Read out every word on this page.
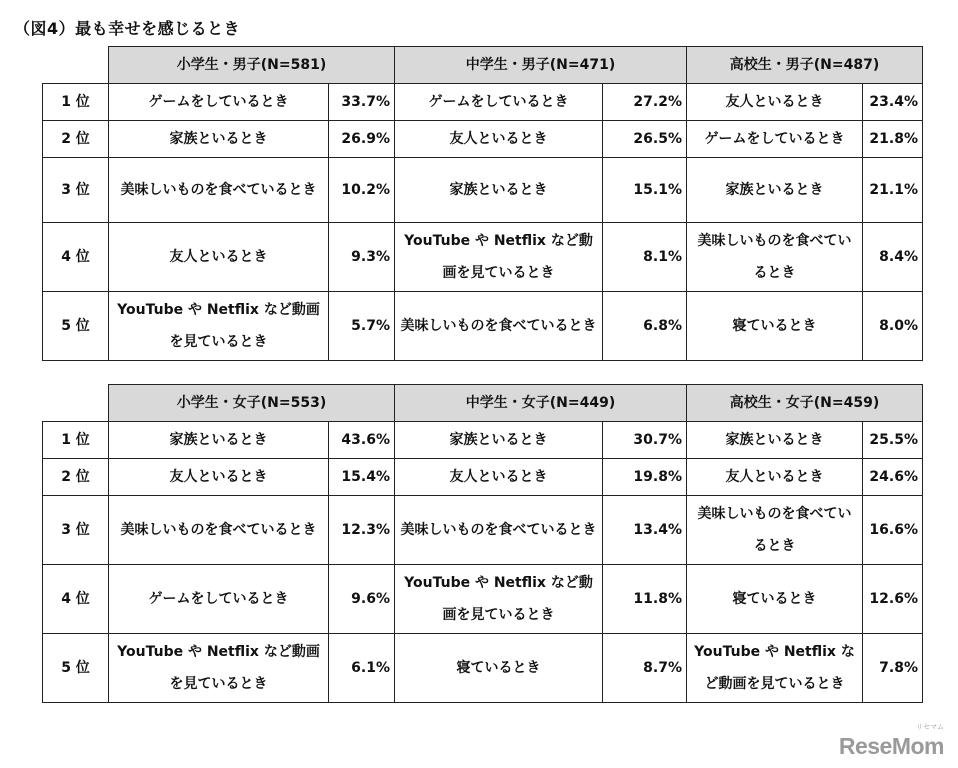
（図4）最も幸せを感じるとき
	小学生・男子(N=581)		中学生・男子(N=471)		高校生・男子(N=487)	
1 位	ゲームをしているとき	33.7%	ゲームをしているとき	27.2%	友人といるとき	23.4%
2 位	家族といるとき	26.9%	友人といるとき	26.5%	ゲームをしているとき	21.8%
3 位	美味しいものを食べているとき	10.2%	家族といるとき	15.1%	家族といるとき	21.1%
4 位	友人といるとき	9.3%	YouTube や Netflix など動画を見ているとき	8.1%	美味しいものを食べているとき	8.4%
5 位	YouTube や Netflix など動画を見ているとき	5.7%	美味しいものを食べているとき	6.8%	寝ているとき	8.0%
	小学生・女子(N=553)		中学生・女子(N=449)		高校生・女子(N=459)	
1 位	家族といるとき	43.6%	家族といるとき	30.7%	家族といるとき	25.5%
2 位	友人といるとき	15.4%	友人といるとき	19.8%	友人といるとき	24.6%
3 位	美味しいものを食べているとき	12.3%	美味しいものを食べているとき	13.4%	美味しいものを食べているとき	16.6%
4 位	ゲームをしているとき	9.6%	YouTube や Netflix など動画を見ているとき	11.8%	寝ているとき	12.6%
5 位	YouTube や Netflix など動画を見ているとき	6.1%	寝ているとき	8.7%	YouTube や Netflix など動画を見ているとき	7.8%
リセマム
ReseMom
